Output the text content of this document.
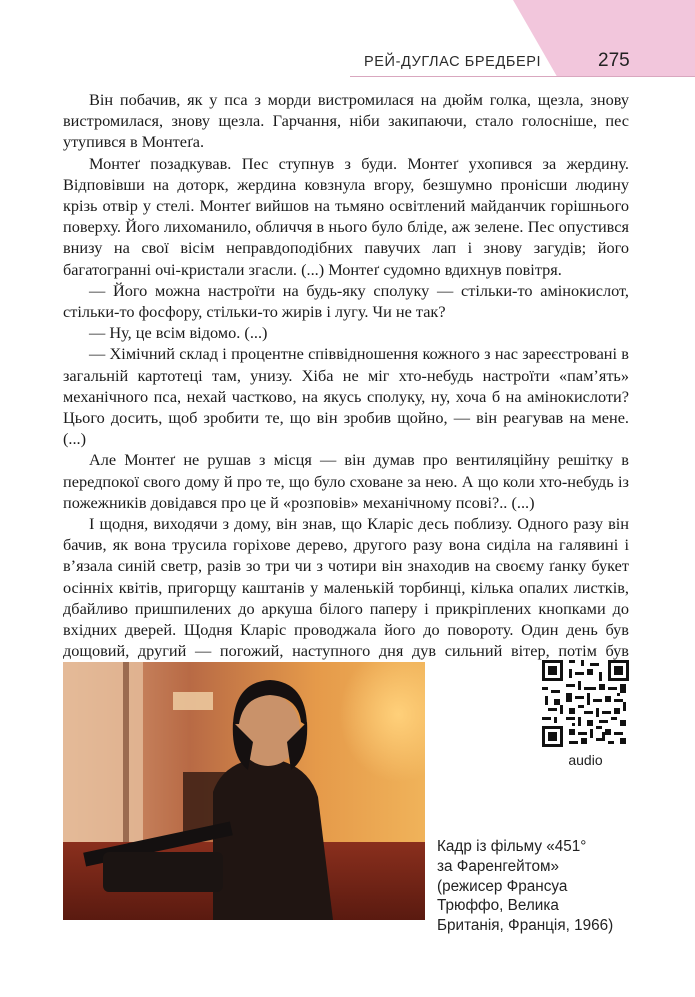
РЕЙ-ДУГЛАС БРЕДБЕРІ	275

Він побачив, як у пса з морди вистромилася на дюйм голка, щезла, знову вистромилася, знову щезла. Гарчання, ніби закипаючи, стало голосніше, пес утупився в Монтеґа.

Монтеґ позадкував. Пес ступнув з буди. Монтеґ ухопився за жердину. Відповівши на доторк, жердина ковзнула вгору, безшумно пронісши людину крізь отвір у стелі. Монтеґ вийшов на тьмяно освітлений майданчик горішнього поверху. Його лихоманило, обличчя в нього було бліде, аж зелене. Пес опустився внизу на свої вісім неправдоподібних павучих лап і знову загудів; його багатогранні очі-кристали згасли. (...) Монтеґ судомно вдихнув повітря.

— Його можна настроїти на будь-яку сполуку — стільки-то амінокислот, стільки-то фосфору, стільки-то жирів і лугу. Чи не так?

— Ну, це всім відомо. (...)

— Хімічний склад і процентне співвідношення кожного з нас зареєстровані в загальній картотеці там, унизу. Хіба не міг хто-небудь настроїти «пам’ять» механічного пса, нехай частково, на якусь сполуку, ну, хоча б на амінокислоти? Цього досить, щоб зробити те, що він зробив щойно, — він реагував на мене. (...)

Але Монтеґ не рушав з місця — він думав про вентиляційну решітку в передпокої свого дому й про те, що було сховане за нею. А що коли хто-небудь із пожежників довідався про це й «розповів» механічному псові?.. (...)

І щодня, виходячи з дому, він знав, що Кларіс десь поблизу. Одного разу він бачив, як вона трусила горіхове дерево, другого разу вона сиділа на галявині і в’язала синій светр, разів зо три чи з чотири він знаходив на своєму ґанку букет осінніх квітів, пригорщу каштанів у маленькій торбинці, кілька опалих листків, дбайливо пришпилених до аркуша білого паперу і прикріплених кнопками до вхідних дверей. Щодня Кларіс проводжала його до повороту. Один день був дощовий, другий — погожий, наступного дня дув сильний вітер, потім був

audio
Кадр із фільму «451°
за Фаренгейтом»
(режисер Франсуа
Трюффо, Велика
Британія, Франція, 1966)
